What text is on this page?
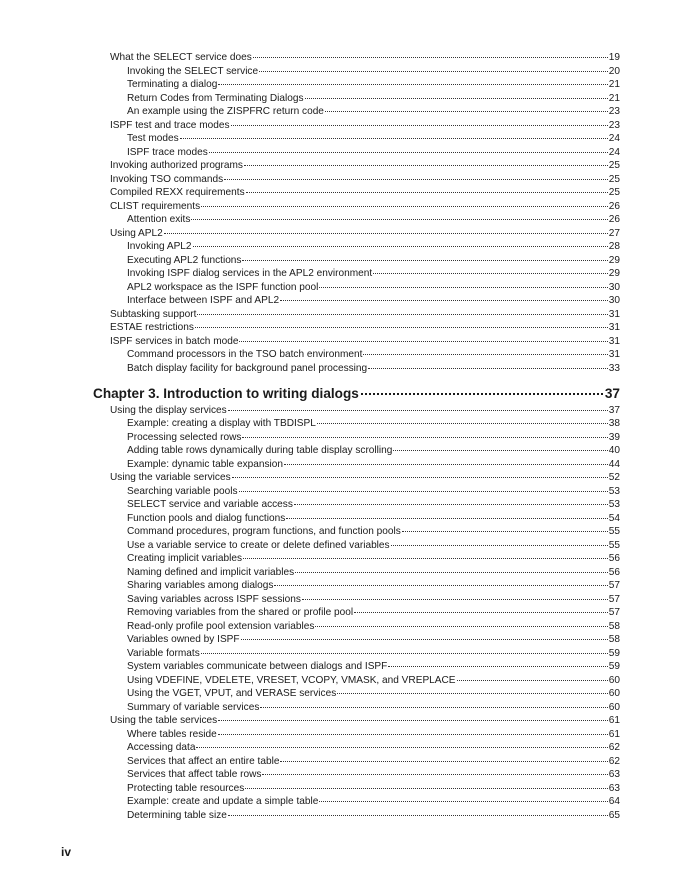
What the SELECT service does	19
Invoking the SELECT service	20
Terminating a dialog	21
Return Codes from Terminating Dialogs	21
An example using the ZISPFRC return code	23
ISPF test and trace modes	23
Test modes	24
ISPF trace modes	24
Invoking authorized programs	25
Invoking TSO commands	25
Compiled REXX requirements	25
CLIST requirements	26
Attention exits	26
Using APL2	27
Invoking APL2	28
Executing APL2 functions	29
Invoking ISPF dialog services in the APL2 environment	29
APL2 workspace as the ISPF function pool	30
Interface between ISPF and APL2	30
Subtasking support	31
ESTAE restrictions	31
ISPF services in batch mode	31
Command processors in the TSO batch environment	31
Batch display facility for background panel processing	33
Chapter 3. Introduction to writing dialogs	37
Using the display services	37
Example: creating a display with TBDISPL	38
Processing selected rows	39
Adding table rows dynamically during table display scrolling	40
Example: dynamic table expansion	44
Using the variable services	52
Searching variable pools	53
SELECT service and variable access	53
Function pools and dialog functions	54
Command procedures, program functions, and function pools	55
Use a variable service to create or delete defined variables	55
Creating implicit variables	56
Naming defined and implicit variables	56
Sharing variables among dialogs	57
Saving variables across ISPF sessions	57
Removing variables from the shared or profile pool	57
Read-only profile pool extension variables	58
Variables owned by ISPF	58
Variable formats	59
System variables communicate between dialogs and ISPF	59
Using VDEFINE, VDELETE, VRESET, VCOPY, VMASK, and VREPLACE	60
Using the VGET, VPUT, and VERASE services	60
Summary of variable services	60
Using the table services	61
Where tables reside	61
Accessing data	62
Services that affect an entire table	62
Services that affect table rows	63
Protecting table resources	63
Example: create and update a simple table	64
Determining table size	65
iv
